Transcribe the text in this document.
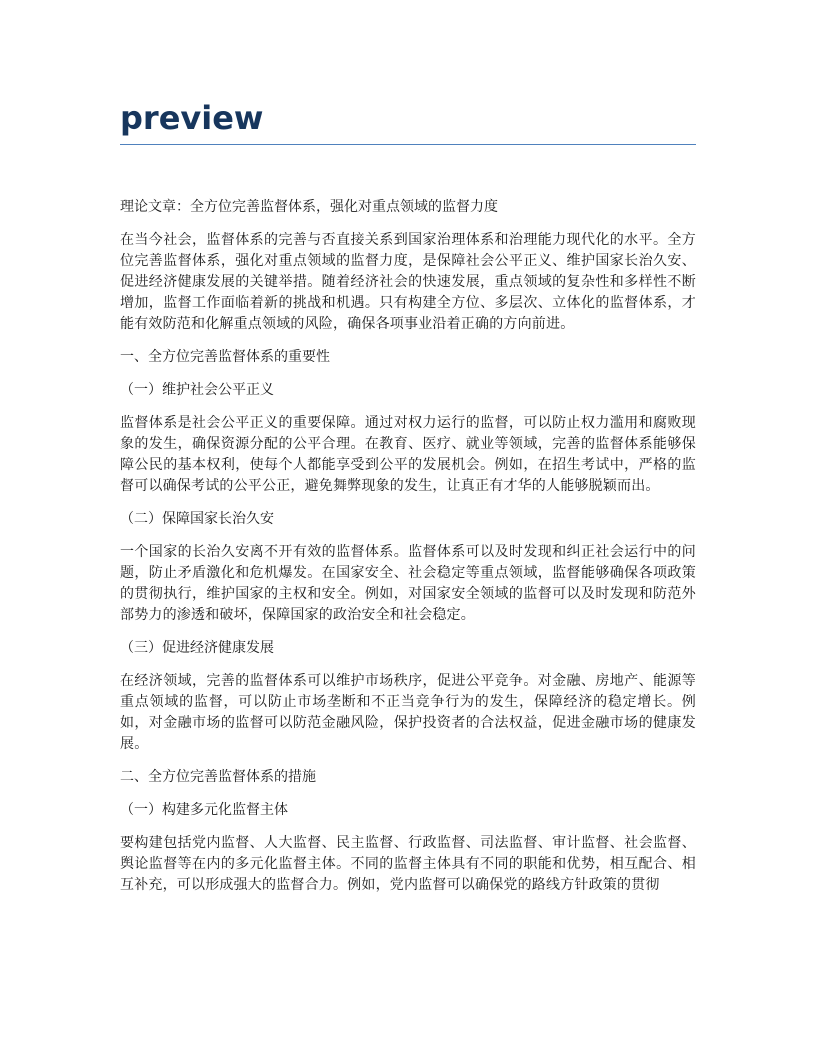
preview

理论文章：全方位完善监督体系，强化对重点领域的监督力度

在当今社会，监督体系的完善与否直接关系到国家治理体系和治理能力现代化的水平。全方位完善监督体系，强化对重点领域的监督力度，是保障社会公平正义、维护国家长治久安、促进经济健康发展的关键举措。随着经济社会的快速发展，重点领域的复杂性和多样性不断增加，监督工作面临着新的挑战和机遇。只有构建全方位、多层次、立体化的监督体系，才能有效防范和化解重点领域的风险，确保各项事业沿着正确的方向前进。

一、全方位完善监督体系的重要性

（一）维护社会公平正义

监督体系是社会公平正义的重要保障。通过对权力运行的监督，可以防止权力滥用和腐败现象的发生，确保资源分配的公平合理。在教育、医疗、就业等领域，完善的监督体系能够保障公民的基本权利，使每个人都能享受到公平的发展机会。例如，在招生考试中，严格的监督可以确保考试的公平公正，避免舞弊现象的发生，让真正有才华的人能够脱颖而出。

（二）保障国家长治久安

一个国家的长治久安离不开有效的监督体系。监督体系可以及时发现和纠正社会运行中的问题，防止矛盾激化和危机爆发。在国家安全、社会稳定等重点领域，监督能够确保各项政策的贯彻执行，维护国家的主权和安全。例如，对国家安全领域的监督可以及时发现和防范外部势力的渗透和破坏，保障国家的政治安全和社会稳定。

（三）促进经济健康发展

在经济领域，完善的监督体系可以维护市场秩序，促进公平竞争。对金融、房地产、能源等重点领域的监督，可以防止市场垄断和不正当竞争行为的发生，保障经济的稳定增长。例如，对金融市场的监督可以防范金融风险，保护投资者的合法权益，促进金融市场的健康发展。

二、全方位完善监督体系的措施

（一）构建多元化监督主体

要构建包括党内监督、人大监督、民主监督、行政监督、司法监督、审计监督、社会监督、舆论监督等在内的多元化监督主体。不同的监督主体具有不同的职能和优势，相互配合、相互补充，可以形成强大的监督合力。例如，党内监督可以确保党的路线方针政策的贯彻
